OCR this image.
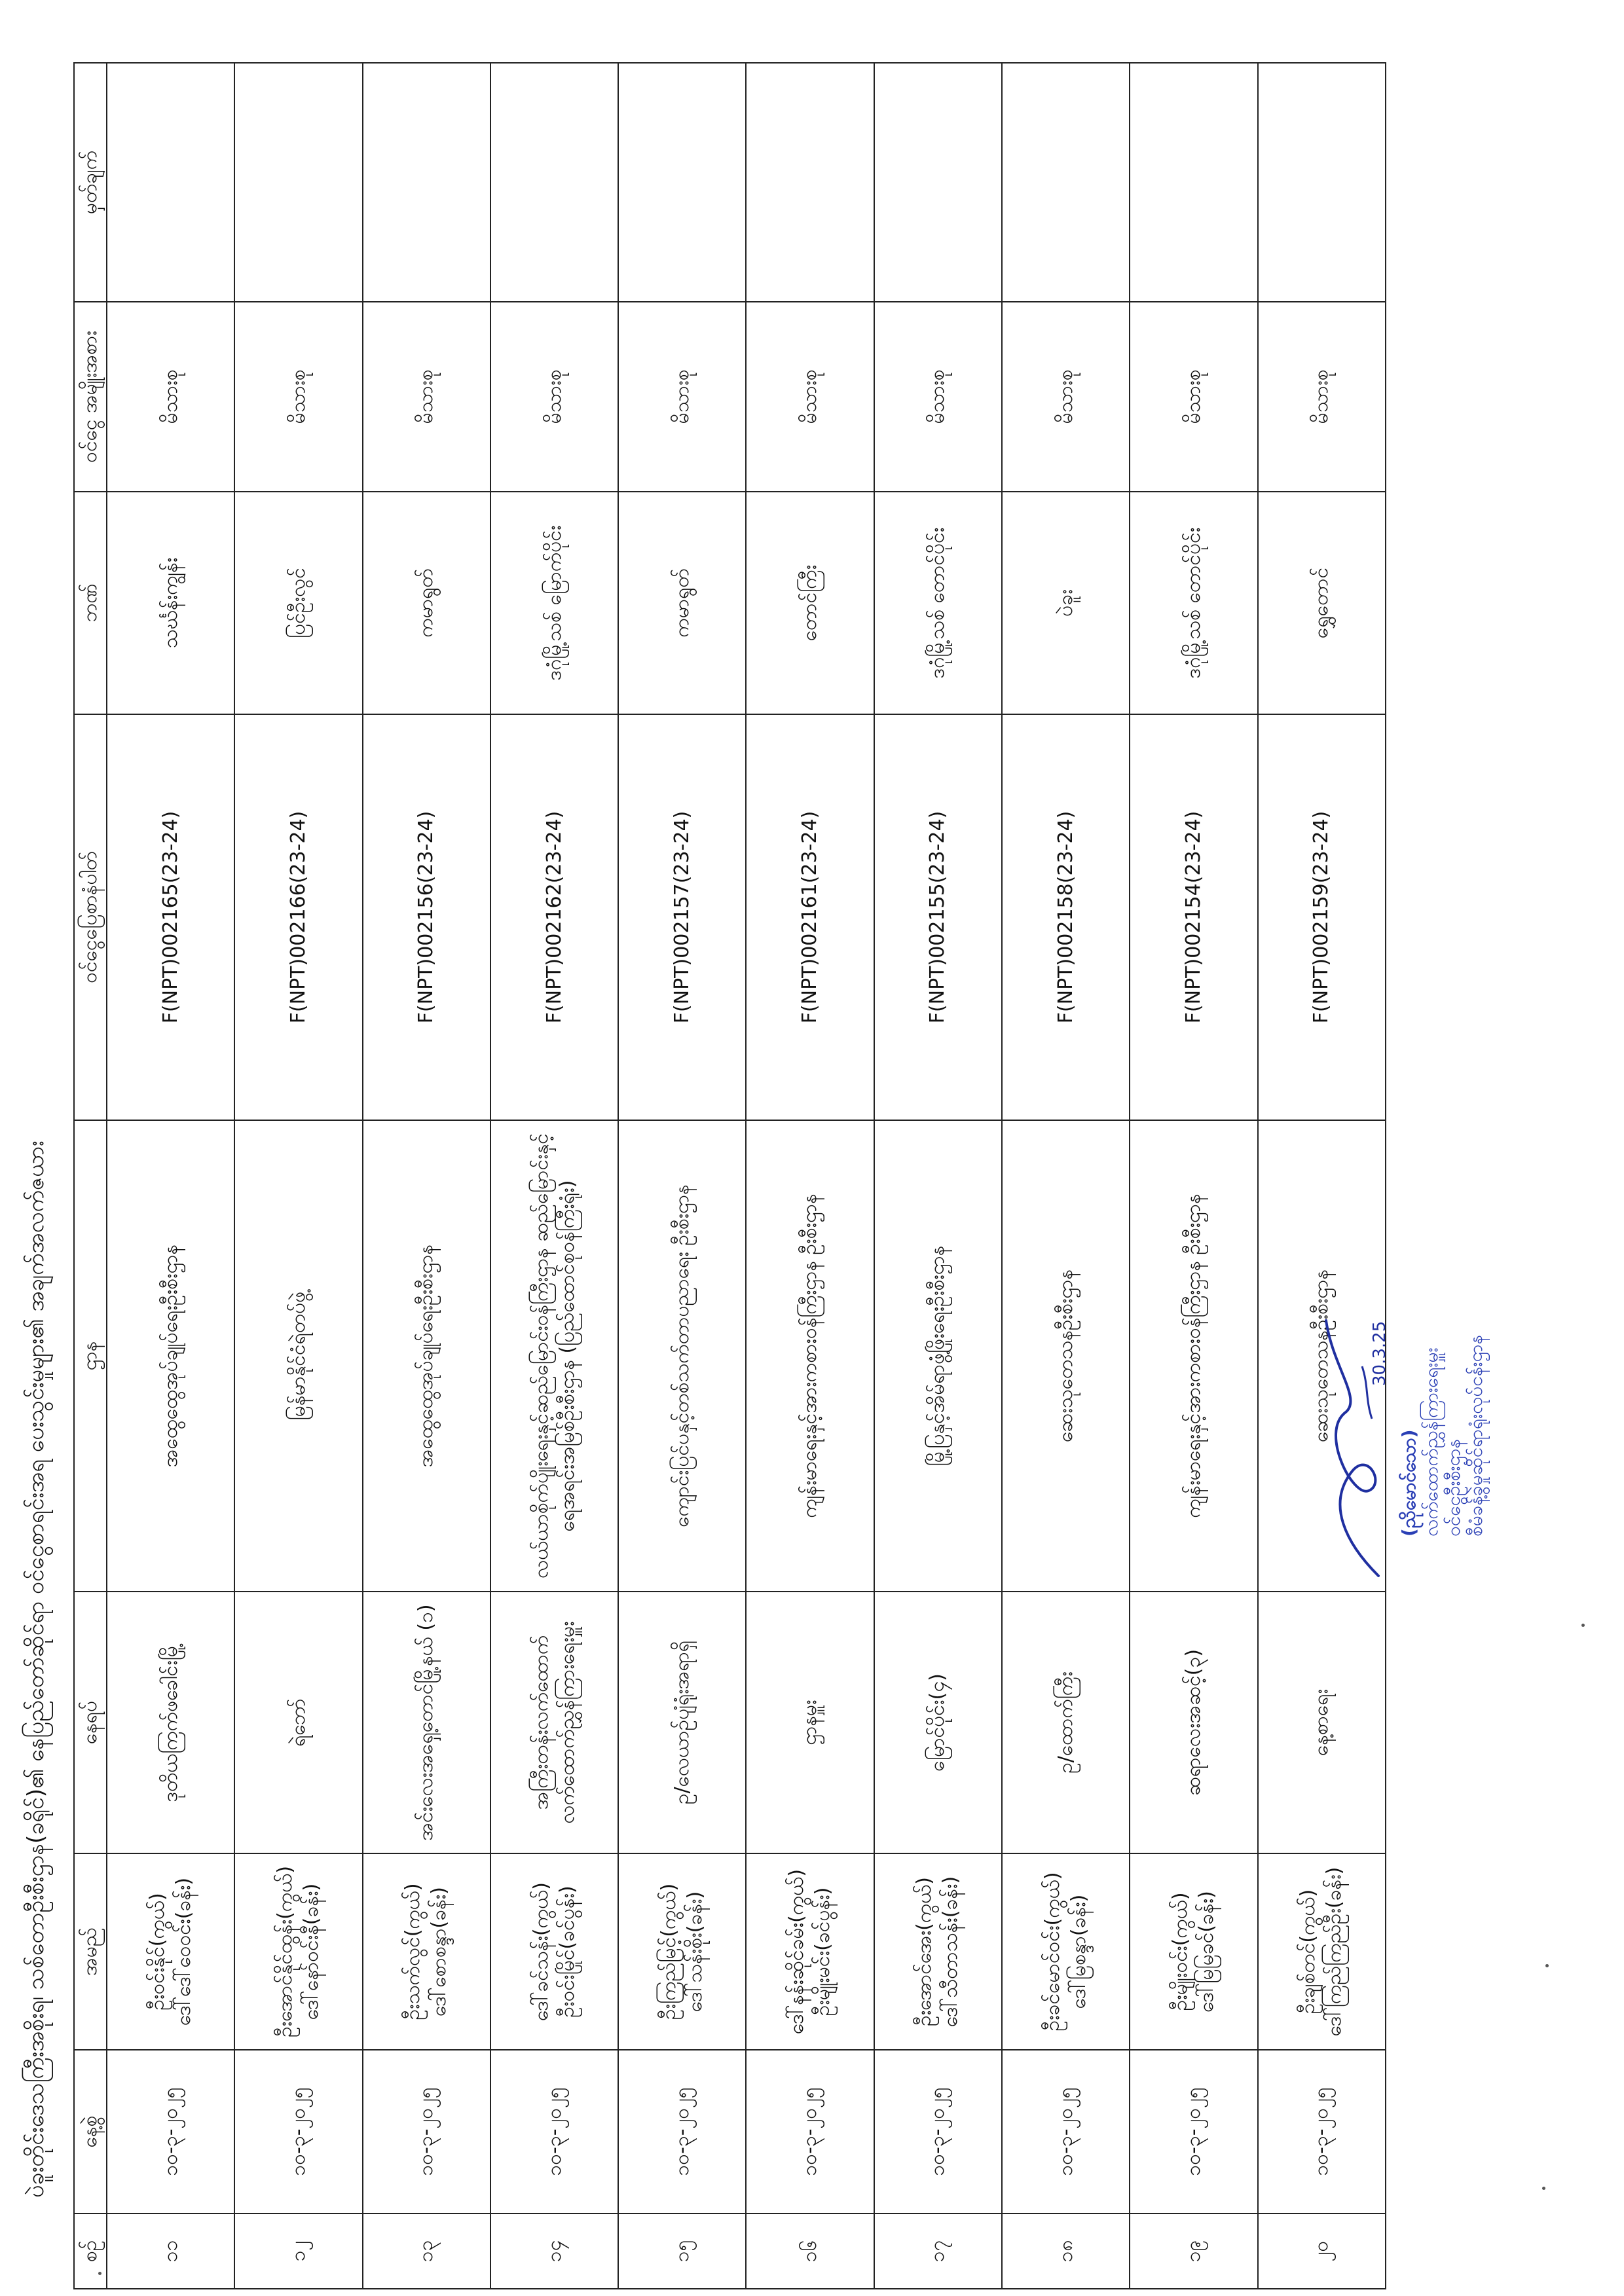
ပဲခူးတိုင်းဒေသကြီးအစိုးရ၊ သစ်တောဦးစီးဌာန(ခရိုင်)၏ နေပြည်တော်ဆိုင်ရာ ဝင်ငွေစာရင်းအရ ပေးသွင်းမှုများ၏ အချက်အလက်ဇယား
စဉ်	နေ့စွဲ	အမည်	နေရပ်	ဌာန	ဝင်ငွေပြေစာနံပါတ်	ဘဏ်	ဝင်ငွေ အမျိုးအစား	မှတ်ချက်
၁၁	၁၀-၃-၂၀၂၅	ဦးဝင်းနိုင်(ကွယ်) ဒေါ်ဒေါ်ဝေဝင်း(ခန်း)	ဒုတိယကြက်ဖခေါင်းမြို့	အထွေထွေအုပ်ချုပ်ရေးဦးစီးဌာန	F(NPT)002165(23-24)	သင်္ဃန်းကျွန်း	မိသားစု	
၁၂	၁၀-၃-၂၀၂၅	ဦးအောင်နိုင်ထွန်း(ကွယ်) ဒေါ်နော်ဝင်းနီ(ခန်း)	ရဲဘော်	မြန်မာနိုင်ငံရဲတပ်ဖွဲ့	F(NPT)002166(23-24)	ပြင်ဦးလွင်	မိသားစု	
၁၃	၁၀-၃-၂၀၂၅	ဦးသက်လွင်(ကွယ်) ဒေါ်စောစန္ဒာ(ခန်း)	အင်းလေးအရှေ့တောင်မြို့နယ် (၁)	အထွေထွေအုပ်ချုပ်ရေးဦးစီးဌာန	F(NPT)002156(23-24)	ကမာရွတ်	မိသားစု	
၁၄	၁၀-၃-၂၀၂၅	ဒေါ်ခင်သန်း(ကွယ်) ဦးဝင်းမြိုင်(ခင်ပွန်း)	အကြီးတန်းလက်ထောက် လက်ထောက်ညွှန်ကြားရေးမှူး	လယ်ယာစိုက်ပျိုးရေးနှင့်ဆည်မြောင်းဝန်ကြီးဌာန ဆည်မြောင်းနှင့်ရေအရင်းအမြစ်ဦးစီးဌာန (ပြည်ထောင်စုဝန်ကြီးရုံး)	F(NPT)002162(23-24)	ဒဂုံမြို့သစ် မြောက်ပိုင်း	မိသားစု	
၁၅	၁၀-၃-၂၀၂၅	ဦးကြည်မြင့်(ကွယ်) ဒေါ်သန်းစိုး(ခန်း)	ဥ/လေယာဉ်ပျံရုံးအရာရှိ	ကျောင်းပြင်ပနှင့်တစ်သက်တာပညာရေး ဦးစီးဌာန	F(NPT)002157(23-24)	ကမာရွတ်	မိသားစု	
၁၆	၁၀-၃-၂၀၂၅	ဒေါ်နန်းဆိုင်ခမ်း(ကွယ်) ဦးမျိုးမင်း(ခင်ပွန်း)	ဌာနမှူး	ကျန်းမာရေးနှင့်အားကစားဝန်ကြီးဌာန ဦးစီးဌာန	F(NPT)002161(23-24)	တောင်ကြီး	မိသားစု	
၁၇	၁၀-၃-၂၀၂၅	ဦးအောင်အေး(ကွယ်) ဒေါ်သီတာသန်း(ခန်း)	မြောင်ပိုင်း(၄)	မြို့ပြနှင့်အိမ်ရာဖွံ့ဖြိုးရေးဦးစီးဌာန	F(NPT)002155(23-24)	ဒဂုံမြို့သစ် တောင်ပိုင်း	မိသားစု	
၁၈	၁၀-၃-၂၀၂၅	ဦးခင်မောင်ဝင်း(ကွယ်) ဒေါ်မြစန္ဒာ(ခန်း)	ဥ/ထောက်ကြီး	ဆေးသုတေသနဦးစီးဌာန	F(NPT)002158(23-24)	ပဲခူး	မိသားစု	
၁၉	၁၀-၃-၂၀၂၅	ဦးမျိုးဝင်း(ကွယ်) ဒေါ်မြမြခင်(ခန်း)	ဆရာလေးအဆင့်(၃)	ကျန်းမာရေးနှင့်အားကစားဝန်ကြီးဌာန ဦးစီးဌာန	F(NPT)002154(23-24)	ဒဂုံမြို့သစ် တောင်ပိုင်း	မိသားစု	
၂၀	၁၀-၃-၂၀၂၅	ဦးချစ်တင်(ကွယ်) ဒေါ်ကြည်ကြည်ဦး(ခန်း)	နေ့စာရေး	ဆေးသုတေသနဦးစီးဌာန	F(NPT)002159(23-24)	ရွှေတောင်	မိသားစု	
30.3.25
(ညိုမောင်သော) လက်ထောက်ညွှန်ကြားရေးမှူး ဝင်ငွေဦးစီးဌာန စီမံခန့်ခွဲမှုဆိုင်ရာရုံးလုပ်ငန်းဌာန
